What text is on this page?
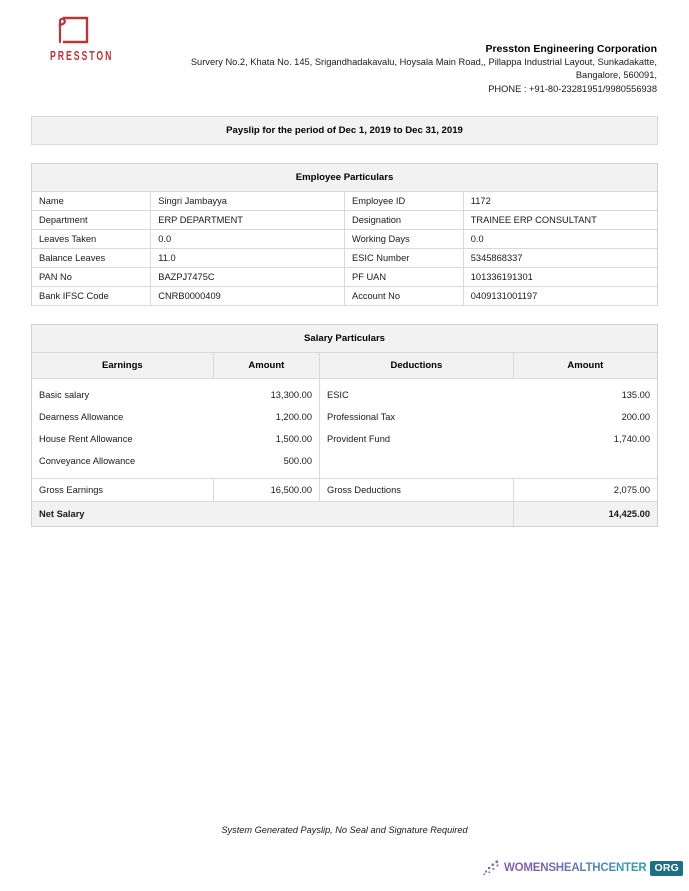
PRESSTON	Presston Engineering Corporation
Survery No.2, Khata No. 145, Srigandhadakavalu, Hoysala Main Road,, Pillappa Industrial Layout, Sunkadakatte,
Bangalore, 560091,
PHONE : +91-80-23281951/9980556938
Payslip for the period of Dec 1, 2019 to Dec 31, 2019
Employee Particulars			
Name	Singri Jambayya	Employee ID	1172
Department	ERP DEPARTMENT	Designation	TRAINEE ERP CONSULTANT
Leaves Taken	0.0	Working Days	0.0
Balance Leaves	11.0	ESIC Number	5345868337
PAN No	BAZPJ7475C	PF UAN	101336191301
Bank IFSC Code	CNRB0000409	Account No	0409131001197
Salary Particulars			
Earnings	Amount	Deductions	Amount
Basic salary	13,300.00	ESIC	135.00
Dearness Allowance	1,200.00	Professional Tax	200.00
House Rent Allowance	1,500.00	Provident Fund	1,740.00
Conveyance Allowance	500.00		
Gross Earnings	16,500.00	Gross Deductions	2,075.00
Net Salary			14,425.00
System Generated Payslip, No Seal and Signature Required
WOMENSHEALTHCENTER ORG
